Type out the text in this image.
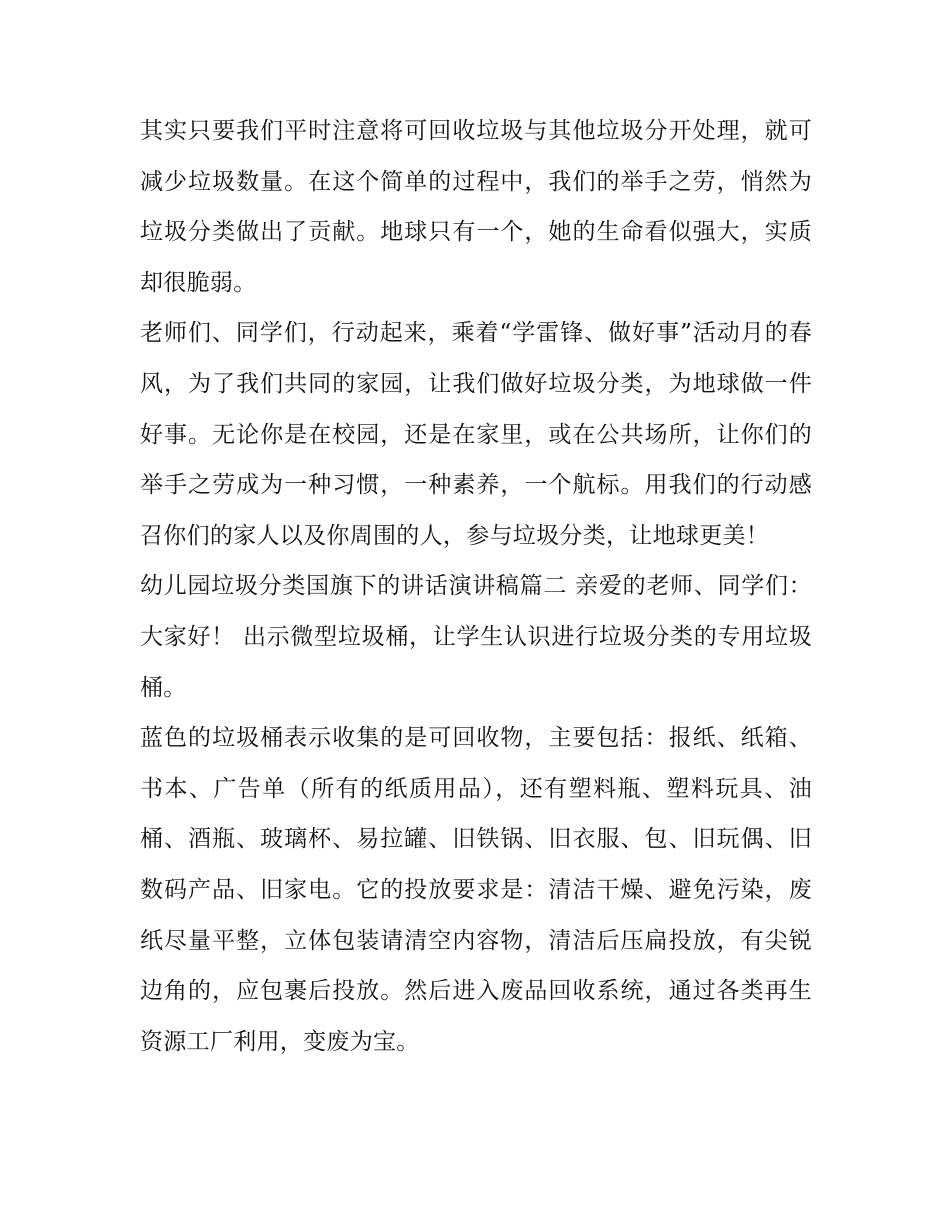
其实只要我们平时注意将可回收垃圾与其他垃圾分开处理，就可减少垃圾数量。在这个简单的过程中，我们的举手之劳，悄然为垃圾分类做出了贡献。地球只有一个，她的生命看似强大，实质却很脆弱。

老师们、同学们，行动起来，乘着“学雷锋、做好事”活动月的春风，为了我们共同的家园，让我们做好垃圾分类，为地球做一件好事。无论你是在校园，还是在家里，或在公共场所，让你们的举手之劳成为一种习惯，一种素养，一个航标。用我们的行动感召你们的家人以及你周围的人，参与垃圾分类，让地球更美！

幼儿园垃圾分类国旗下的讲话演讲稿篇二 亲爱的老师、同学们： 大家好！ 出示微型垃圾桶，让学生认识进行垃圾分类的专用垃圾桶。

蓝色的垃圾桶表示收集的是可回收物，主要包括：报纸、纸箱、书本、广告单（所有的纸质用品），还有塑料瓶、塑料玩具、油桶、酒瓶、玻璃杯、易拉罐、旧铁锅、旧衣服、包、旧玩偶、旧数码产品、旧家电。它的投放要求是：清洁干燥、避免污染，废纸尽量平整，立体包装请清空内容物，清洁后压扁投放，有尖锐边角的，应包裹后投放。然后进入废品回收系统，通过各类再生资源工厂利用，变废为宝。
